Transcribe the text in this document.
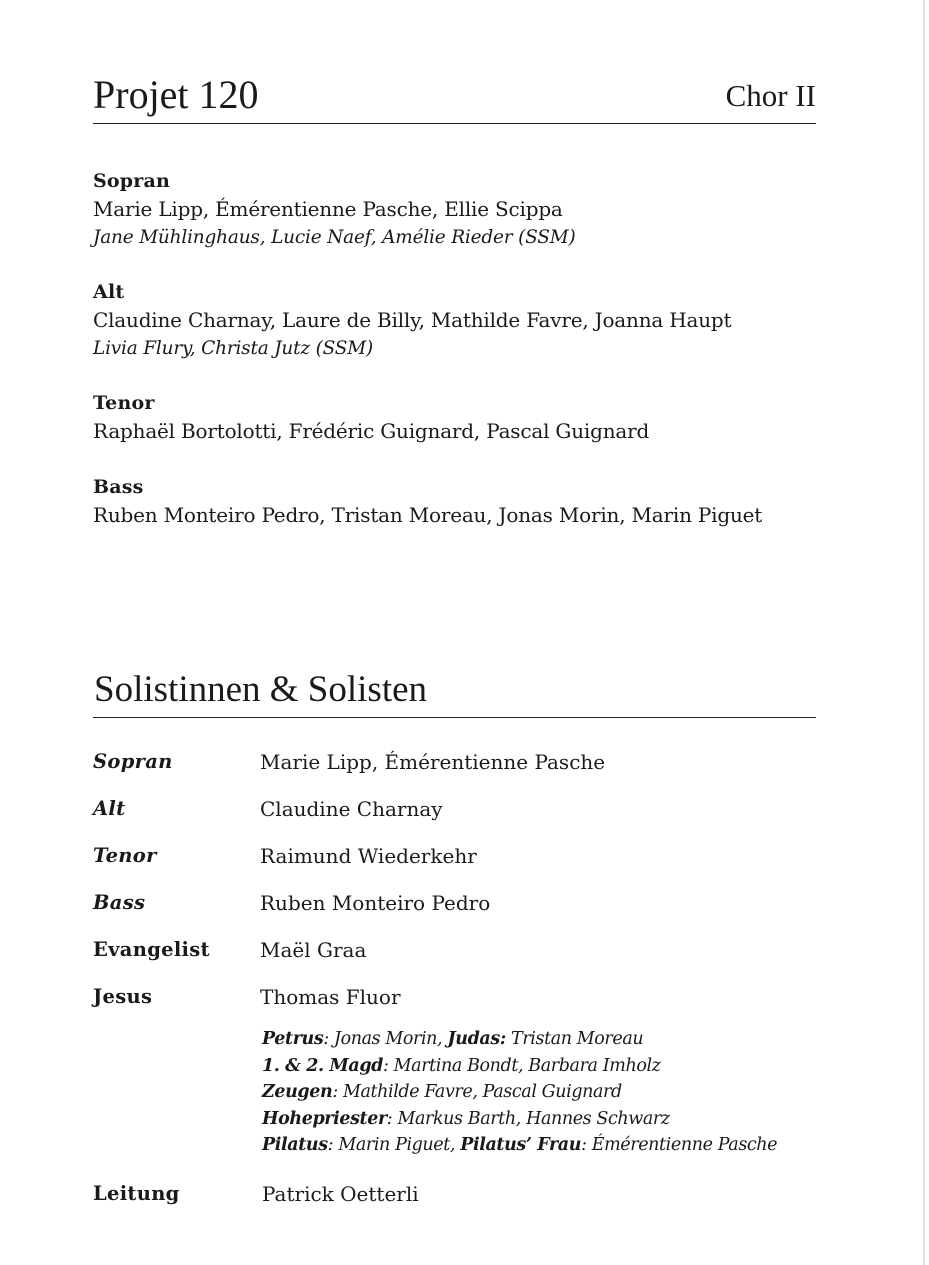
Projet 120	Chor II
Sopran
Marie Lipp, Émérentienne Pasche, Ellie Scippa
Jane Mühlinghaus, Lucie Naef, Amélie Rieder (SSM)
Alt
Claudine Charnay, Laure de Billy, Mathilde Favre, Joanna Haupt
Livia Flury, Christa Jutz (SSM)
Tenor
Raphaël Bortolotti, Frédéric Guignard, Pascal Guignard
Bass
Ruben Monteiro Pedro, Tristan Moreau, Jonas Morin, Marin Piguet
Solistinnen & Solisten
Sopran	Marie Lipp, Émérentienne Pasche
Alt	Claudine Charnay
Tenor	Raimund Wiederkehr
Bass	Ruben Monteiro Pedro
Evangelist	Maël Graa
Jesus	Thomas Fluor
Petrus: Jonas Morin, Judas: Tristan Moreau
1. & 2. Magd: Martina Bondt, Barbara Imholz
Zeugen: Mathilde Favre, Pascal Guignard
Hohepriester: Markus Barth, Hannes Schwarz
Pilatus: Marin Piguet, Pilatus’ Frau: Émérentienne Pasche
Leitung	Patrick Oetterli
